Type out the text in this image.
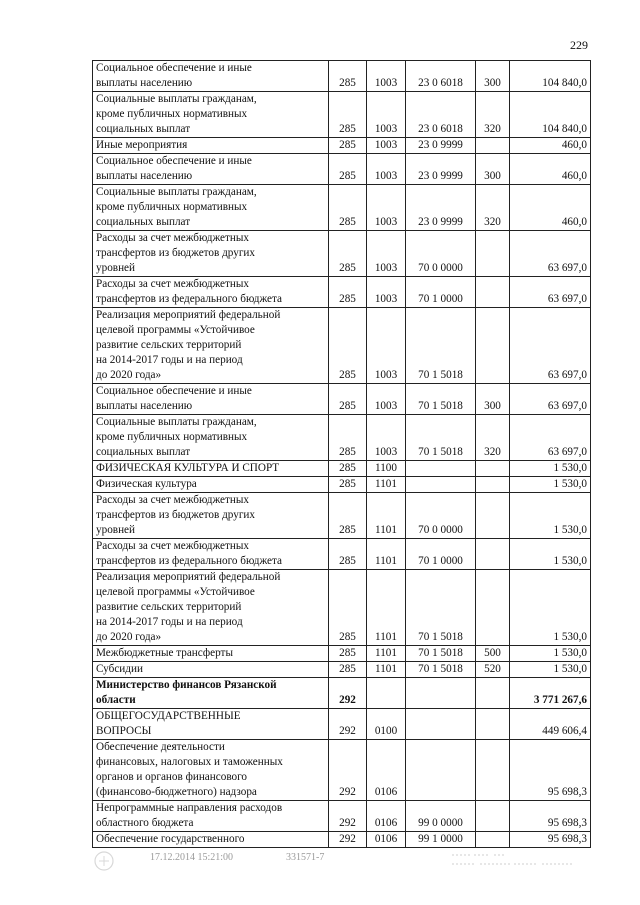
229
Социальное обеспечение и иные
выплаты населению	285	1003	23 0 6018	300	104 840,0
Социальные выплаты гражданам,
кроме публичных нормативных
социальных выплат	285	1003	23 0 6018	320	104 840,0
Иные мероприятия	285	1003	23 0 9999		460,0
Социальное обеспечение и иные
выплаты населению	285	1003	23 0 9999	300	460,0
Социальные выплаты гражданам,
кроме публичных нормативных
социальных выплат	285	1003	23 0 9999	320	460,0
Расходы за счет межбюджетных
трансфертов из бюджетов других
уровней	285	1003	70 0 0000		63 697,0
Расходы за счет межбюджетных
трансфертов из федерального бюджета	285	1003	70 1 0000		63 697,0
Реализация мероприятий федеральной
целевой программы «Устойчивое
развитие сельских территорий
на 2014-2017 годы и на период
до 2020 года»	285	1003	70 1 5018		63 697,0
Социальное обеспечение и иные
выплаты населению	285	1003	70 1 5018	300	63 697,0
Социальные выплаты гражданам,
кроме публичных нормативных
социальных выплат	285	1003	70 1 5018	320	63 697,0
ФИЗИЧЕСКАЯ КУЛЬТУРА И СПОРТ	285	1100			1 530,0
Физическая культура	285	1101			1 530,0
Расходы за счет межбюджетных
трансфертов из бюджетов других
уровней	285	1101	70 0 0000		1 530,0
Расходы за счет межбюджетных
трансфертов из федерального бюджета	285	1101	70 1 0000		1 530,0
Реализация мероприятий федеральной
целевой программы «Устойчивое
развитие сельских территорий
на 2014-2017 годы и на период
до 2020 года»	285	1101	70 1 5018		1 530,0
Межбюджетные трансферты	285	1101	70 1 5018	500	1 530,0
Субсидии	285	1101	70 1 5018	520	1 530,0
Министерство финансов Рязанской
области	292				3 771 267,6
ОБЩЕГОСУДАРСТВЕННЫЕ
ВОПРОСЫ	292	0100			449 606,4
Обеспечение деятельности
финансовых, налоговых и таможенных
органов и органов финансового
(финансово-бюджетного) надзора	292	0106			95 698,3
Непрограммные направления расходов
областного бюджета	292	0106	99 0 0000		95 698,3
Обеспечение государственного	292	0106	99 1 0000		95 698,3
17.12.2014 15:21:00	331571-7
